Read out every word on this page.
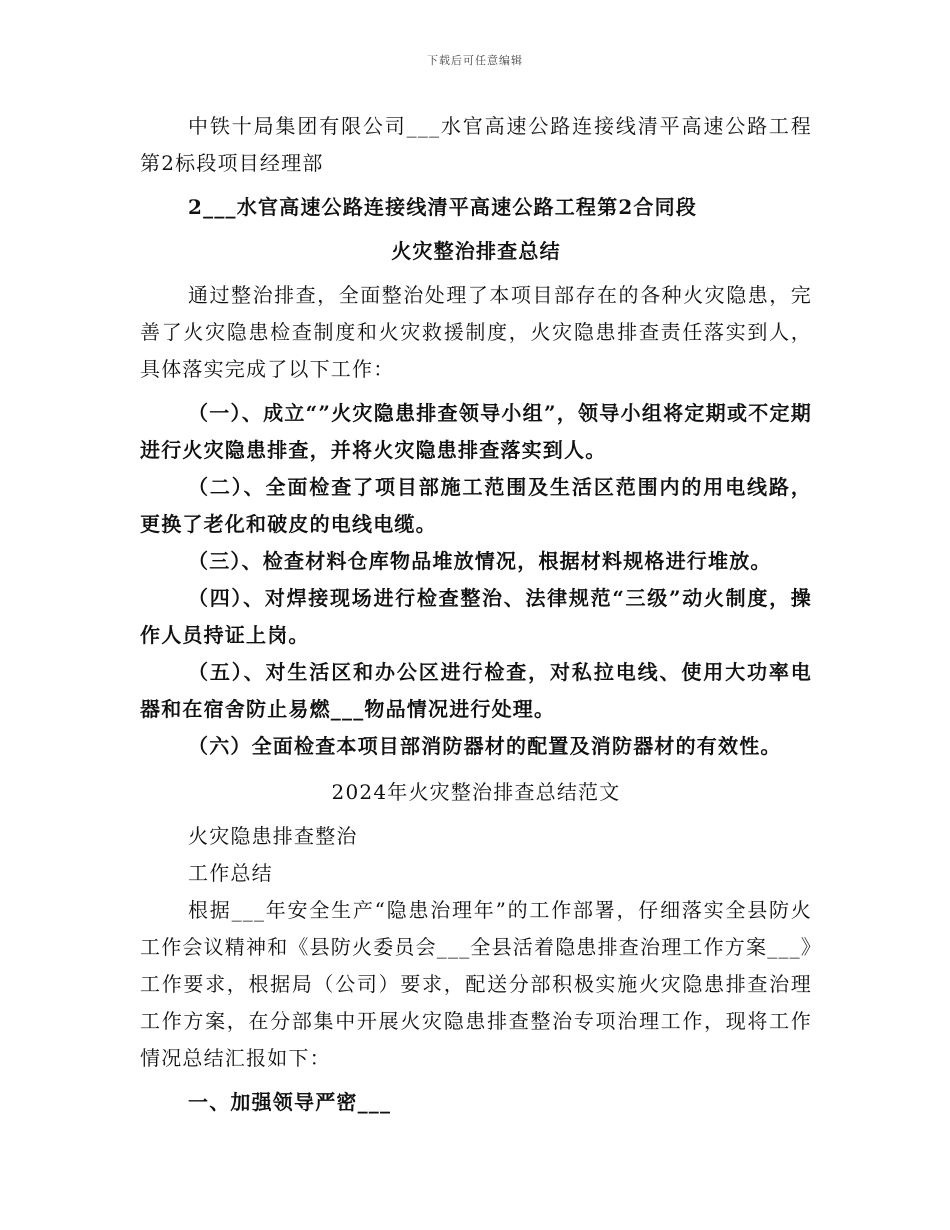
下载后可任意编辑

中铁十局集团有限公司___水官高速公路连接线清平高速公路工程第2标段项目经理部

2___水官高速公路连接线清平高速公路工程第2合同段

火灾整治排查总结

通过整治排查，全面整治处理了本项目部存在的各种火灾隐患，完善了火灾隐患检查制度和火灾救援制度，火灾隐患排查责任落实到人，具体落实完成了以下工作：

（一）、成立“”火灾隐患排查领导小组”，领导小组将定期或不定期进行火灾隐患排查，并将火灾隐患排查落实到人。

（二）、全面检查了项目部施工范围及生活区范围内的用电线路，更换了老化和破皮的电线电缆。

（三）、检查材料仓库物品堆放情况，根据材料规格进行堆放。

（四）、对焊接现场进行检查整治、法律规范“三级”动火制度，操作人员持证上岗。

（五）、对生活区和办公区进行检查，对私拉电线、使用大功率电器和在宿舍防止易燃___物品情况进行处理。

（六）全面检查本项目部消防器材的配置及消防器材的有效性。

2024年火灾整治排查总结范文

火灾隐患排查整治

工作总结

根据___年安全生产“隐患治理年”的工作部署，仔细落实全县防火工作会议精神和《县防火委员会___全县活着隐患排查治理工作方案___》工作要求，根据局（公司）要求，配送分部积极实施火灾隐患排查治理工作方案，在分部集中开展火灾隐患排查整治专项治理工作，现将工作情况总结汇报如下：

一、加强领导严密___
